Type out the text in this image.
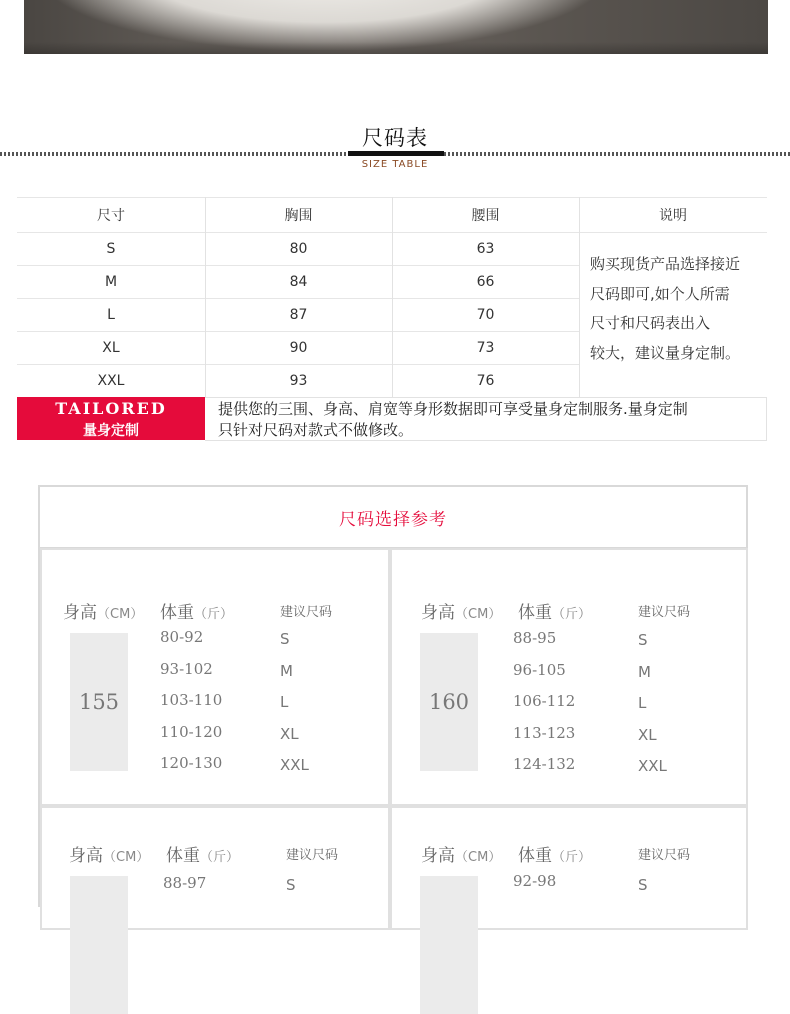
尺码表
SIZE TABLE
尺寸	胸围	腰围	说明
S	80	63
M	84	66
L	87	70
XL	90	73
XXL	93	76
购买现货产品选择接近
尺码即可,如个人所需
尺寸和尺码表出入
较大，建议量身定制。
TAILORED
量身定制
提供您的三围、身高、肩宽等身形数据即可享受量身定制服务.量身定制
只针对尺码对款式不做修改。
尺码选择参考
身高（CM） 体重（斤）	建议尺码
155
80-92	S
93-102	M
103-110	L
110-120	XL
120-130	XXL
身高（CM） 体重（斤）	建议尺码
160
88-95	S
96-105	M
106-112	L
113-123	XL
124-132	XXL
身高（CM） 体重（斤）	建议尺码
88-97	S
身高（CM） 体重（斤）	建议尺码
92-98	S
